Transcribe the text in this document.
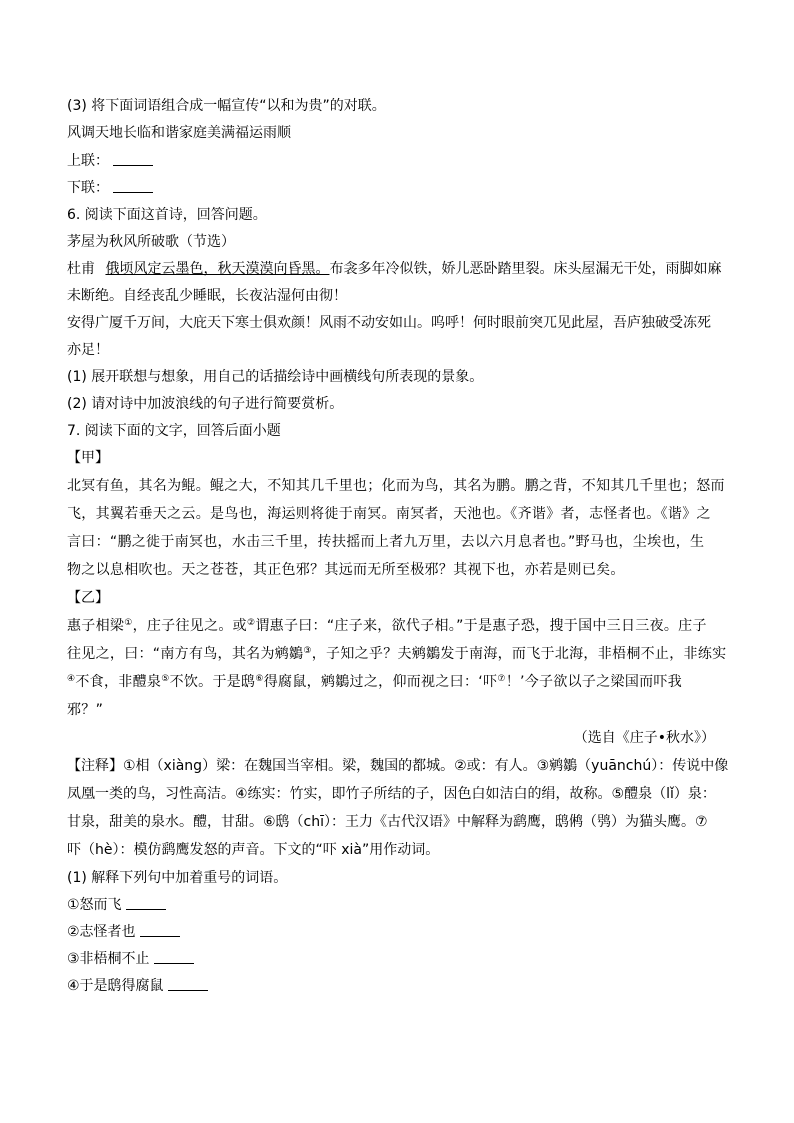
(3) 将下面词语组合成一幅宣传“以和为贵”的对联。
风调天地长临和谐家庭美满福运雨顺
上联：
下联：
6. 阅读下面这首诗，回答问题。
茅屋为秋风所破歌（节选）
杜甫 俄顷风定云墨色，秋天漠漠向昏黑。布衾多年冷似铁，娇儿恶卧踏里裂。床头屋漏无干处，雨脚如麻
未断绝。自经丧乱少睡眠，长夜沾湿何由彻！
安得广厦千万间，大庇天下寒士俱欢颜！风雨不动安如山。呜呼！何时眼前突兀见此屋，吾庐独破受冻死
亦足！
(1) 展开联想与想象，用自己的话描绘诗中画横线句所表现的景象。
(2) 请对诗中加波浪线的句子进行简要赏析。
7. 阅读下面的文字，回答后面小题
【甲】
北冥有鱼，其名为鲲。鲲之大，不知其几千里也；化而为鸟，其名为鹏。鹏之背，不知其几千里也；怒而
飞，其翼若垂天之云。是鸟也，海运则将徙于南冥。南冥者，天池也。《齐谐》者，志怪者也。《谐》之
言曰：“鹏之徙于南冥也，水击三千里，抟扶摇而上者九万里，去以六月息者也。”野马也，尘埃也，生
物之以息相吹也。天之苍苍，其正色邪？其远而无所至极邪？其视下也，亦若是则已矣。
【乙】
惠子相梁①，庄子往见之。或②谓惠子曰：“庄子来，欲代子相。”于是惠子恐，搜于国中三日三夜。庄子
往见之，曰：“南方有鸟，其名为鹓鶵③，子知之乎？夫鹓鶵发于南海，而飞于北海，非梧桐不止，非练实
④不食，非醴泉⑤不饮。于是鸱⑥得腐鼠，鹓鶵过之，仰而视之曰：‘吓⑦！’今子欲以子之梁国而吓我
邪？”
（选自《庄子•秋水》）
【注释】①相（xiàng）梁：在魏国当宰相。梁，魏国的都城。②或：有人。③鹓鶵（yuānchú）：传说中像
凤凰一类的鸟，习性高洁。④练实：竹实，即竹子所结的子，因色白如洁白的绢，故称。⑤醴泉（lǐ）泉：
甘泉，甜美的泉水。醴，甘甜。⑥鸱（chī）：王力《古代汉语》中解释为鹞鹰，鸱鸺（鸮）为猫头鹰。⑦
吓（hè）：模仿鹞鹰发怒的声音。下文的“吓 xià”用作动词。
(1) 解释下列句中加着重号的词语。
①怒而飞
②志怪者也
③非梧桐不止
④于是鸱得腐鼠
